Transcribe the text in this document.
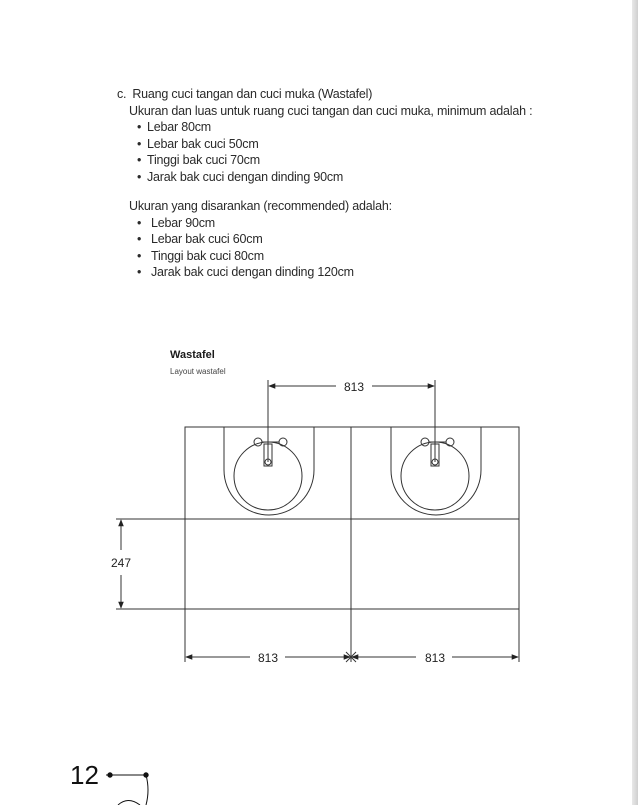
c. Ruang cuci tangan dan cuci muka (Wastafel)

Ukuran dan luas untuk ruang cuci tangan dan cuci muka, minimum adalah :

• Lebar 80cm
• Lebar bak cuci 50cm
• Tinggi bak cuci 70cm
• Jarak bak cuci dengan dinding 90cm

Ukuran yang disarankan (recommended) adalah:

• Lebar 90cm
• Lebar bak cuci 60cm
• Tinggi bak cuci 80cm
• Jarak bak cuci dengan dinding 120cm
Wastafel
Layout wastafel
813
247
813	813
12
